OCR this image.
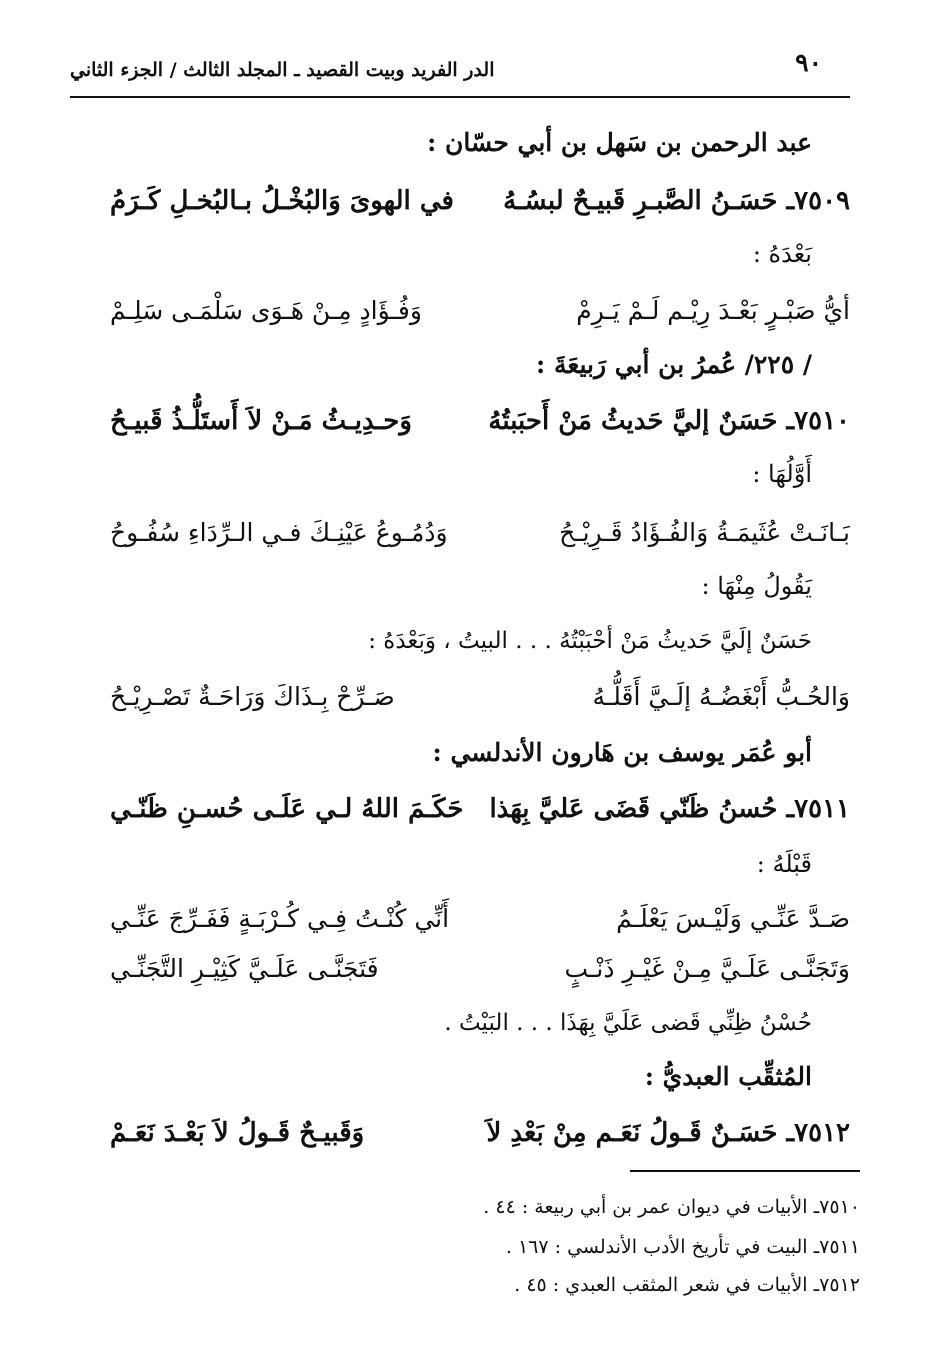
٩٠
الدر الفريد وبيت القصيد ـ المجلد الثالث / الجزء الثاني
عبد الرحمن بن سَهل بن أبي حسّان :
٧٥٠٩ـ حَسَـنُ الصَّبـرِ قَبيـحٌ لبسُـهُ
في الهوىَ وَالبُخْـلُ بـالبُخـلِ كَـرَمُ
بَعْدَهُ :
أيُّ صَبْـرٍ بَعْـدَ رِيْـم لَـمْ يَـرِمْ
وَفُـؤَادٍ مِـنْ هَـوَى سَلْمَـى سَلِـمْ
/ ٢٢٥/ عُمرُ بن أبي رَبيعَةَ :
٧٥١٠ـ حَسَنٌ إليَّ حَديثُ مَنْ أَحبَبتُهُ
وَحـدِيـثُ مَـنْ لاَ أَستَلُّـذُ قَبيـحُ
أَوَّلُهَا :
بَـانَـتْ عُثَيمَـةُ وَالفُـؤَادُ قَـرِيْـحُ
وَدُمُـوعُ عَيْنِـكَ فـي الـرِّدَاءِ سُفُـوحُ
يَقُولُ مِنْهَا :
حَسَنٌ إلَيَّ حَديثُ مَنْ أحْبَبْتُهُ . . . البيتُ ، وَبَعْدَهُ :
وَالحُـبُّ أَبْغَضُـهُ إلَـيَّ أَقَلُّـهُ
صَـرِّحْ بِـذَاكَ وَرَاحَـةٌ تَصْـرِيْـحُ
أبو عُمَر يوسف بن هَارون الأندلسي :
٧٥١١ـ حُسنُ ظَنّي قَضَى عَليَّ بِهَذا
حَكَـمَ اللهُ لـي عَلَـى حُسـنِ ظَنّـي
قَبْلَهُ :
صَـدَّ عَنِّـي وَلَيْـسَ يَعْلَـمُ
أَنِّي كُنْـتُ فِـي كُـرْبَـةٍ فَفَـرِّجَ عَنِّـي
وَتَجَنَّـى عَلَـيَّ مِـنْ غَيْـرِ ذَنْـبٍ
فَتَجَنَّـى عَلَـيَّ كَثِيْـرِ التَّجَنِّـي
حُسْنُ ظِنِّي قَضى عَلَيَّ بِهَذَا . . . البَيْتُ .
المُثقِّب العبديُّ :
٧٥١٢ـ حَسَـنٌ قَـولُ نَعَـم مِنْ بَعْدِ لاَ
وَقَبيـحٌ قَـولُ لاَ بَعْـدَ نَعَـمْ
٧٥١٠ـ الأبيات في ديوان عمر بن أبي ربيعة : ٤٤ .
٧٥١١ـ البيت في تأريخ الأدب الأندلسي : ١٦٧ .
٧٥١٢ـ الأبيات في شعر المثقب العبدي : ٤٥ .
